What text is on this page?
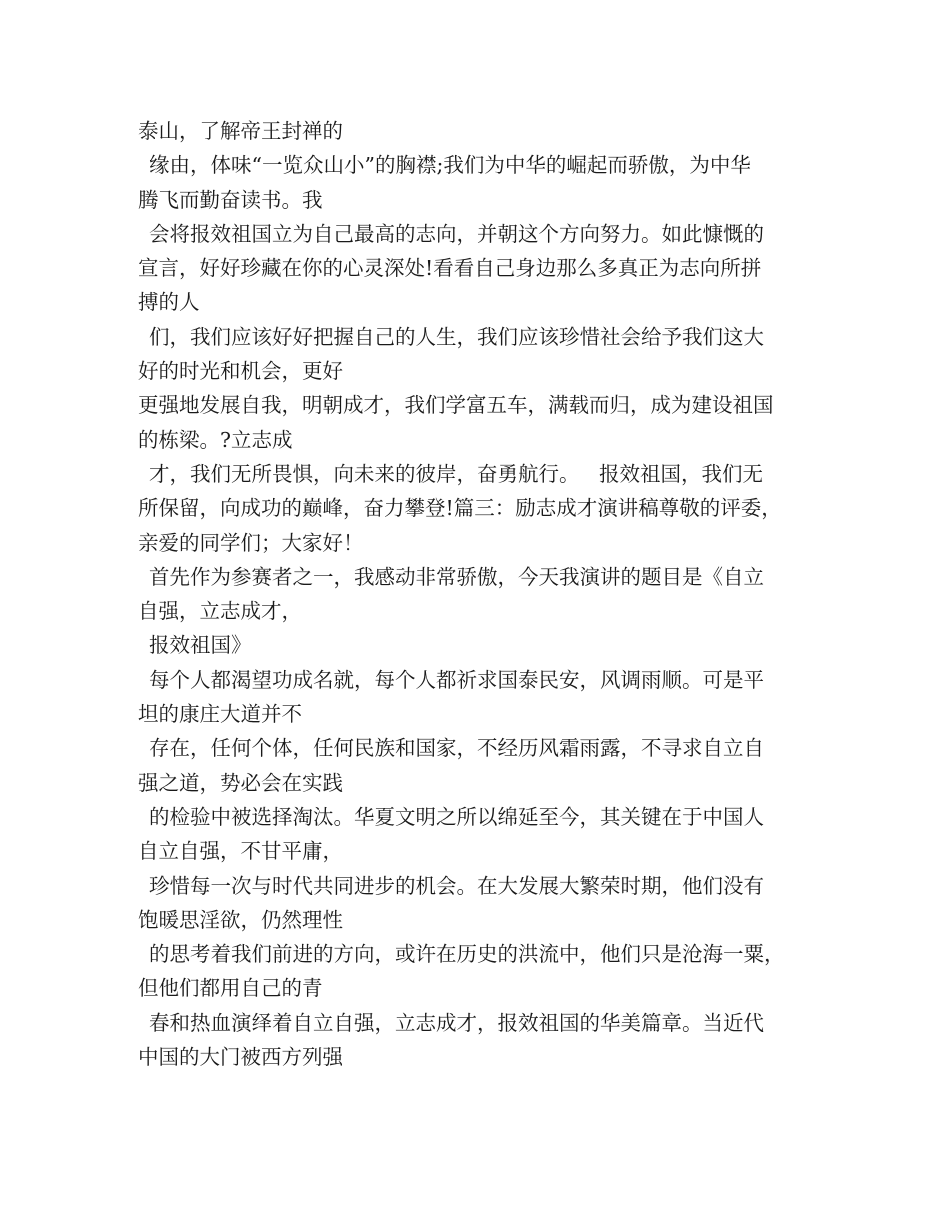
泰山，了解帝王封禅的
缘由，体味“一览众山小”的胸襟;我们为中华的崛起而骄傲，为中华
腾飞而勤奋读书。我
会将报效祖国立为自己最高的志向，并朝这个方向努力。如此慷慨的
宣言，好好珍藏在你的心灵深处!看看自己身边那么多真正为志向所拼
搏的人
们，我们应该好好把握自己的人生，我们应该珍惜社会给予我们这大
好的时光和机会，更好
更强地发展自我，明朝成才，我们学富五车，满载而归，成为建设祖国
的栋梁。?立志成
才，我们无所畏惧，向未来的彼岸，奋勇航行。   报效祖国，我们无
所保留，向成功的巅峰，奋力攀登!篇三：励志成才演讲稿尊敬的评委，
亲爱的同学们；大家好！
首先作为参赛者之一，我感动非常骄傲，今天我演讲的题目是《自立
自强，立志成才，
报效祖国》
每个人都渴望功成名就，每个人都祈求国泰民安，风调雨顺。可是平
坦的康庄大道并不
存在，任何个体，任何民族和国家，不经历风霜雨露，不寻求自立自
强之道，势必会在实践
的检验中被选择淘汰。华夏文明之所以绵延至今，其关键在于中国人
自立自强，不甘平庸，
珍惜每一次与时代共同进步的机会。在大发展大繁荣时期，他们没有
饱暖思淫欲，仍然理性
的思考着我们前进的方向，或许在历史的洪流中，他们只是沧海一粟，
但他们都用自己的青
春和热血演绎着自立自强，立志成才，报效祖国的华美篇章。当近代
中国的大门被西方列强
